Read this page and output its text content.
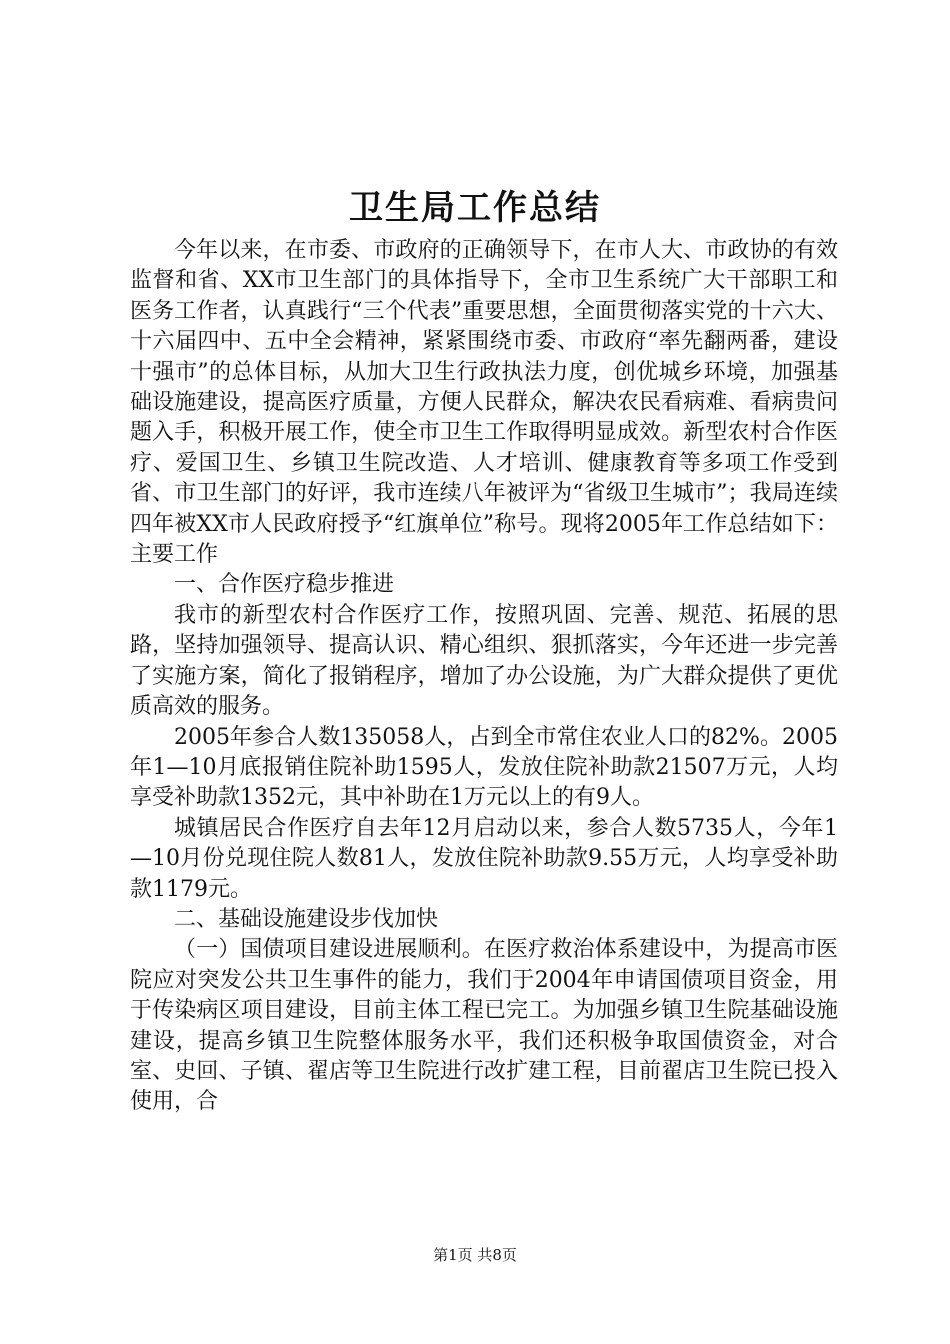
卫生局工作总结

今年以来，在市委、市政府的正确领导下，在市人大、市政协的有效监督和省、XX市卫生部门的具体指导下，全市卫生系统广大干部职工和医务工作者，认真践行“三个代表”重要思想，全面贯彻落实党的十六大、十六届四中、五中全会精神，紧紧围绕市委、市政府“率先翻两番，建设十强市”的总体目标，从加大卫生行政执法力度，创优城乡环境，加强基础设施建设，提高医疗质量，方便人民群众，解决农民看病难、看病贵问题入手，积极开展工作，使全市卫生工作取得明显成效。新型农村合作医疗、爱国卫生、乡镇卫生院改造、人才培训、健康教育等多项工作受到省、市卫生部门的好评，我市连续八年被评为“省级卫生城市”；我局连续四年被XX市人民政府授予“红旗单位”称号。现将2005年工作总结如下：主要工作

一、合作医疗稳步推进

我市的新型农村合作医疗工作，按照巩固、完善、规范、拓展的思路，坚持加强领导、提高认识、精心组织、狠抓落实，今年还进一步完善了实施方案，简化了报销程序，增加了办公设施，为广大群众提供了更优质高效的服务。

2005年参合人数135058人，占到全市常住农业人口的82%。2005年1—10月底报销住院补助1595人，发放住院补助款21507万元，人均享受补助款1352元，其中补助在1万元以上的有9人。

城镇居民合作医疗自去年12月启动以来，参合人数5735人，今年1—10月份兑现住院人数81人，发放住院补助款9.55万元，人均享受补助款1179元。

二、基础设施建设步伐加快

（一）国债项目建设进展顺利。在医疗救治体系建设中，为提高市医院应对突发公共卫生事件的能力，我们于2004年申请国债项目资金，用于传染病区项目建设，目前主体工程已完工。为加强乡镇卫生院基础设施建设，提高乡镇卫生院整体服务水平，我们还积极争取国债资金，对合室、史回、子镇、翟店等卫生院进行改扩建工程，目前翟店卫生院已投入使用，合

第1页 共8页
